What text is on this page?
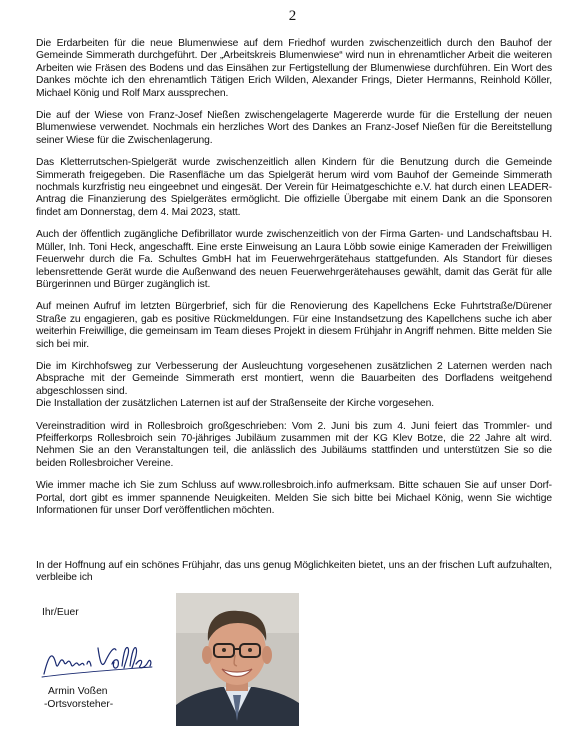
2

Die Erdarbeiten für die neue Blumenwiese auf dem Friedhof wurden zwischenzeitlich durch den Bauhof der Gemeinde Simmerath durchgeführt. Der „Arbeitskreis Blumenwiese“ wird nun in ehrenamtlicher Arbeit die weiteren Arbeiten wie Fräsen des Bodens und das Einsähen zur Fertigstellung der Blumenwiese durchführen. Ein Wort des Dankes möchte ich den ehrenamtlich Tätigen Erich Wilden, Alexander Frings, Dieter Hermanns, Reinhold Köller, Michael König und Rolf Marx aussprechen.

Die auf der Wiese von Franz-Josef Nießen zwischengelagerte Magererde wurde für die Erstellung der neuen Blumenwiese verwendet. Nochmals ein herzliches Wort des Dankes an Franz-Josef Nießen für die Bereitstellung seiner Wiese für die Zwischenlagerung.

Das Kletterrutschen-Spielgerät wurde zwischenzeitlich allen Kindern für die Benutzung durch die Gemeinde Simmerath freigegeben. Die Rasenfläche um das Spielgerät herum wird vom Bauhof der Gemeinde Simmerath nochmals kurzfristig neu eingeebnet und eingesät. Der Verein für Heimatgeschichte e.V. hat durch einen LEADER-Antrag die Finanzierung des Spielgerätes ermöglicht. Die offizielle Übergabe mit einem Dank an die Sponsoren findet am Donnerstag, dem 4. Mai 2023, statt.

Auch der öffentlich zugängliche Defibrillator wurde zwischenzeitlich von der Firma Garten- und Landschaftsbau H. Müller, Inh. Toni Heck, angeschafft. Eine erste Einweisung an Laura Löbb sowie einige Kameraden der Freiwilligen Feuerwehr durch die Fa. Schultes GmbH hat im Feuerwehrgerätehaus stattgefunden. Als Standort für dieses lebensrettende Gerät wurde die Außenwand des neuen Feuerwehrgerätehauses gewählt, damit das Gerät für alle Bürgerinnen und Bürger zugänglich ist.

Auf meinen Aufruf im letzten Bürgerbrief, sich für die Renovierung des Kapellchens Ecke Fuhrtstraße/Dürener Straße zu engagieren, gab es positive Rückmeldungen. Für eine Instandsetzung des Kapellchens suche ich aber weiterhin Freiwillige, die gemeinsam im Team dieses Projekt in diesem Frühjahr in Angriff nehmen. Bitte melden Sie sich bei mir.

Die im Kirchhofsweg zur Verbesserung der Ausleuchtung vorgesehenen zusätzlichen 2 Laternen werden nach Absprache mit der Gemeinde Simmerath erst montiert, wenn die Bauarbeiten des Dorfladens weitgehend abgeschlossen sind.

Die Installation der zusätzlichen Laternen ist auf der Straßenseite der Kirche vorgesehen.

Vereinstradition wird in Rollesbroich großgeschrieben: Vom 2. Juni bis zum 4. Juni feiert das Trommler- und Pfeifferkorps Rollesbroich sein 70-jähriges Jubiläum zusammen mit der KG Klev Botze, die 22 Jahre alt wird. Nehmen Sie an den Veranstaltungen teil, die anlässlich des Jubiläums stattfinden und unterstützen Sie so die beiden Rollesbroicher Vereine.

Wie immer mache ich Sie zum Schluss auf www.rollesbroich.info aufmerksam. Bitte schauen Sie auf unser Dorf-Portal, dort gibt es immer spannende Neuigkeiten. Melden Sie sich bitte bei Michael König, wenn Sie wichtige Informationen für unser Dorf veröffentlichen möchten.

In der Hoffnung auf ein schönes Frühjahr, das uns genug Möglichkeiten bietet, uns an der frischen Luft aufzuhalten, verbleibe ich

Ihr/Euer
Armin Voßen
-Ortsvorsteher-
